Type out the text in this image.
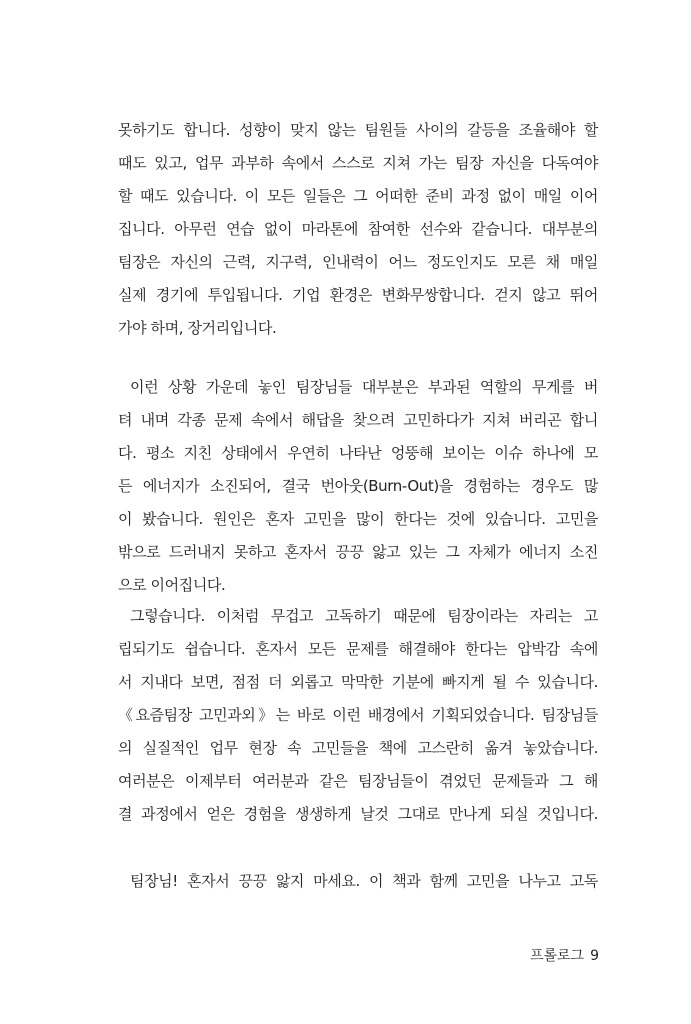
못하기도 합니다. 성향이 맞지 않는 팀원들 사이의 갈등을 조율해야 할
때도 있고, 업무 과부하 속에서 스스로 지쳐 가는 팀장 자신을 다독여야
할 때도 있습니다. 이 모든 일들은 그 어떠한 준비 과정 없이 매일 이어
집니다. 아무런 연습 없이 마라톤에 참여한 선수와 같습니다. 대부분의
팀장은 자신의 근력, 지구력, 인내력이 어느 정도인지도 모른 채 매일
실제 경기에 투입됩니다. 기업 환경은 변화무쌍합니다. 걷지 않고 뛰어
가야 하며, 장거리입니다.
이런 상황 가운데 놓인 팀장님들 대부분은 부과된 역할의 무게를 버
텨 내며 각종 문제 속에서 해답을 찾으려 고민하다가 지쳐 버리곤 합니
다. 평소 지친 상태에서 우연히 나타난 엉뚱해 보이는 이슈 하나에 모
든 에너지가 소진되어, 결국 번아웃(Burn-Out)을 경험하는 경우도 많
이 봤습니다. 원인은 혼자 고민을 많이 한다는 것에 있습니다. 고민을
밖으로 드러내지 못하고 혼자서 끙끙 앓고 있는 그 자체가 에너지 소진
으로 이어집니다.
그렇습니다. 이처럼 무겁고 고독하기 때문에 팀장이라는 자리는 고
립되기도 쉽습니다. 혼자서 모든 문제를 해결해야 한다는 압박감 속에
서 지내다 보면, 점점 더 외롭고 막막한 기분에 빠지게 될 수 있습니다.
《요즘팀장 고민과외》는 바로 이런 배경에서 기획되었습니다. 팀장님들
의 실질적인 업무 현장 속 고민들을 책에 고스란히 옮겨 놓았습니다.
여러분은 이제부터 여러분과 같은 팀장님들이 겪었던 문제들과 그 해
결 과정에서 얻은 경험을 생생하게 날것 그대로 만나게 되실 것입니다.
팀장님! 혼자서 끙끙 앓지 마세요. 이 책과 함께 고민을 나누고 고독
프롤로그 9
